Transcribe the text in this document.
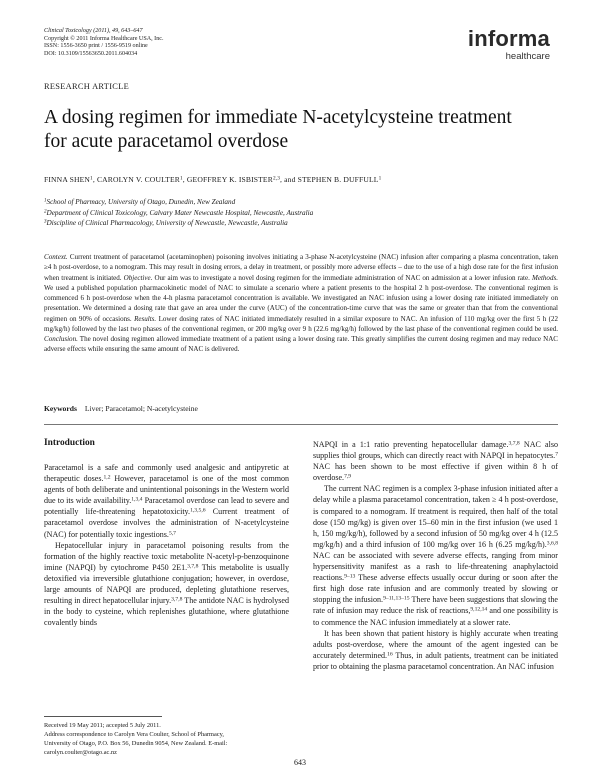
Clinical Toxicology (2011), 49, 643–647
Copyright © 2011 Informa Healthcare USA, Inc.
ISSN: 1556-3650 print / 1556-9519 online
DOI: 10.3109/15563650.2011.604034
informa
healthcare
RESEARCH ARTICLE
A dosing regimen for immediate N-acetylcysteine treatment
for acute paracetamol overdose
FINNA SHEN$^1$, CAROLYN V. COULTER$^1$, GEOFFREY K. ISBISTER$^{2,3}$, and STEPHEN B. DUFFULL$^1$
$^1$School of Pharmacy, University of Otago, Dunedin, New Zealand
$^2$Department of Clinical Toxicology, Calvary Mater Newcastle Hospital, Newcastle, Australia
$^3$Discipline of Clinical Pharmacology, University of Newcastle, Newcastle, Australia
Context. Current treatment of paracetamol (acetaminophen) poisoning involves initiating a 3-phase N-acetylcysteine (NAC) infusion after comparing a plasma concentration, taken ≥4 h post-overdose, to a nomogram. This may result in dosing errors, a delay in treatment, or possibly more adverse effects – due to the use of a high dose rate for the first infusion when treatment is initiated. Objective. Our aim was to investigate a novel dosing regimen for the immediate administration of NAC on admission at a lower infusion rate. Methods. We used a published population pharmacokinetic model of NAC to simulate a scenario where a patient presents to the hospital 2 h post-overdose. The conventional regimen is commenced 6 h post-overdose when the 4-h plasma paracetamol concentration is available. We investigated an NAC infusion using a lower dosing rate initiated immediately on presentation. We determined a dosing rate that gave an area under the curve (AUC) of the concentration-time curve that was the same or greater than that from the conventional regimen on 90% of occasions. Results. Lower dosing rates of NAC initiated immediately resulted in a similar exposure to NAC. An infusion of 110 mg/kg over the first 5 h (22 mg/kg/h) followed by the last two phases of the conventional regimen, or 200 mg/kg over 9 h (22.6 mg/kg/h) followed by the last phase of the conventional regimen could be used. Conclusion. The novel dosing regimen allowed immediate treatment of a patient using a lower dosing rate. This greatly simplifies the current dosing regimen and may reduce NAC adverse effects while ensuring the same amount of NAC is delivered.
Keywords Liver; Paracetamol; N-acetylcysteine
Introduction

Paracetamol is a safe and commonly used analgesic and antipyretic at therapeutic doses.$^{1,2}$ However, paracetamol is one of the most common agents of both deliberate and unintentional poisonings in the Western world due to its wide availability.$^{1,3,4}$ Paracetamol overdose can lead to severe and potentially life-threatening hepatotoxicity.$^{1,3,5,6}$ Current treatment of paracetamol overdose involves the administration of N-acetylcysteine (NAC) for potentially toxic ingestions.$^{5,7}$

Hepatocellular injury in paracetamol poisoning results from the formation of the highly reactive toxic metabolite N-acetyl-p-benzoquinone imine (NAPQI) by cytochrome P450 2E1.$^{3,7,8}$ This metabolite is usually detoxified via irreversible glutathione conjugation; however, in overdose, large amounts of NAPQI are produced, depleting glutathione reserves, resulting in direct hepatocellular injury.$^{3,7,8}$ The antidote NAC is hydrolysed in the body to cysteine, which replenishes glutathione, where glutathione covalently binds

NAPQI in a 1:1 ratio preventing hepatocellular damage.$^{3,7,8}$ NAC also supplies thiol groups, which can directly react with NAPQI in hepatocytes.$^7$ NAC has been shown to be most effective if given within 8 h of overdose.$^{7,9}$

The current NAC regimen is a complex 3-phase infusion initiated after a delay while a plasma paracetamol concentration, taken ≥ 4 h post-overdose, is compared to a nomogram. If treatment is required, then half of the total dose (150 mg/kg) is given over 15–60 min in the first infusion (we used 1 h, 150 mg/kg/h), followed by a second infusion of 50 mg/kg over 4 h (12.5 mg/kg/h) and a third infusion of 100 mg/kg over 16 h (6.25 mg/kg/h).$^{3,6,8}$ NAC can be associated with severe adverse effects, ranging from minor hypersensitivity manifest as a rash to life-threatening anaphylactoid reactions.$^{9-13}$ These adverse effects usually occur during or soon after the first high dose rate infusion and are commonly treated by slowing or stopping the infusion.$^{9-11,13-15}$ There have been suggestions that slowing the rate of infusion may reduce the risk of reactions,$^{9,12,14}$ and one possibility is to commence the NAC infusion immediately at a slower rate.

It has been shown that patient history is highly accurate when treating adults post-overdose, where the amount of the agent ingested can be accurately determined.$^{16}$ Thus, in adult patients, treatment can be initiated prior to obtaining the plasma paracetamol concentration. An NAC infusion

Received 19 May 2011; accepted 5 July 2011.
Address correspondence to Carolyn Vera Coulter, School of Pharmacy,
University of Otago, P.O. Box 56, Dunedin 9054, New Zealand. E-mail:
carolyn.coulter@otago.ac.nz
643
